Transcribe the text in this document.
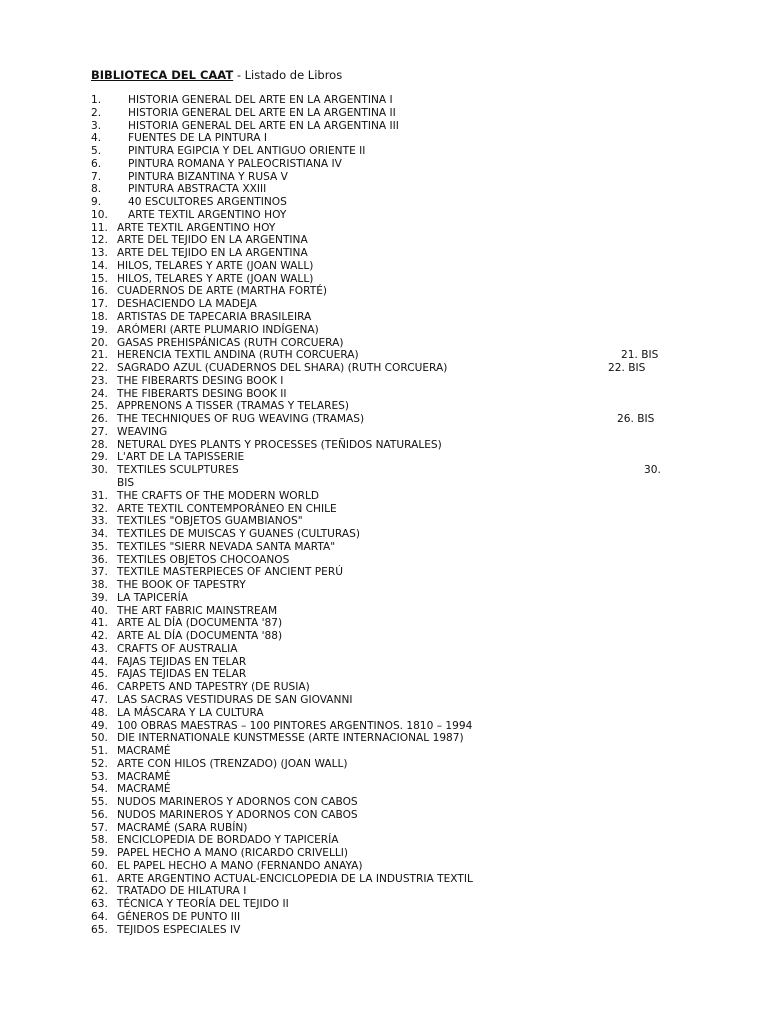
BIBLIOTECA DEL CAAT - Listado de Libros
1.	HISTORIA GENERAL DEL ARTE EN LA ARGENTINA I
2.	HISTORIA GENERAL DEL ARTE EN LA ARGENTINA II
3.	HISTORIA GENERAL DEL ARTE EN LA ARGENTINA III
4.	FUENTES DE LA PINTURA I
5.	PINTURA EGIPCIA Y DEL ANTIGUO ORIENTE II
6.	PINTURA ROMANA Y PALEOCRISTIANA IV
7.	PINTURA BIZANTINA Y RUSA V
8.	PINTURA ABSTRACTA XXIII
9.	40 ESCULTORES ARGENTINOS
10. ARTE TEXTIL ARGENTINO HOY
11. ARTE TEXTIL ARGENTINO HOY
12. ARTE DEL TEJIDO EN LA ARGENTINA
13. ARTE DEL TEJIDO EN LA ARGENTINA
14. HILOS, TELARES Y ARTE (JOAN WALL)
15. HILOS, TELARES Y ARTE (JOAN WALL)
16. CUADERNOS DE ARTE (MARTHA FORTÉ)
17. DESHACIENDO LA MADEJA
18. ARTISTAS DE TAPECARIA BRASILEIRA
19. ARÓMERI (ARTE PLUMARIO INDÍGENA)
20. GASAS PREHISPÁNICAS (RUTH CORCUERA)
21. HERENCIA TEXTIL ANDINA (RUTH CORCUERA)	21. BIS
22. SAGRADO AZUL (CUADERNOS DEL SHARA) (RUTH CORCUERA)	22. BIS
23. THE FIBERARTS DESING BOOK I
24. THE FIBERARTS DESING BOOK II
25. APPRENONS A TISSER (TRAMAS Y TELARES)
26. THE TECHNIQUES OF RUG WEAVING (TRAMAS)	26. BIS
27. WEAVING
28. NETURAL DYES PLANTS Y PROCESSES (TEÑIDOS NATURALES)
29. L'ART DE LA TAPISSERIE
30. TEXTILES SCULPTURES	30.
BIS
31. THE CRAFTS OF THE MODERN WORLD
32. ARTE TEXTIL CONTEMPORÁNEO EN CHILE
33. TEXTILES "OBJETOS GUAMBIANOS"
34. TEXTILES DE MUISCAS Y GUANES (CULTURAS)
35. TEXTILES "SIERR NEVADA SANTA MARTA"
36. TEXTILES OBJETOS CHOCOANOS
37. TEXTILE MASTERPIECES OF ANCIENT PERÚ
38. THE BOOK OF TAPESTRY
39. LA TAPICERÍA
40. THE ART FABRIC MAINSTREAM
41. ARTE AL DÍA (DOCUMENTA '87)
42. ARTE AL DÍA (DOCUMENTA '88)
43. CRAFTS OF AUSTRALIA
44. FAJAS TEJIDAS EN TELAR
45. FAJAS TEJIDAS EN TELAR
46. CARPETS AND TAPESTRY (DE RUSIA)
47. LAS SACRAS VESTIDURAS DE SAN GIOVANNI
48. LA MÁSCARA Y LA CULTURA
49. 100 OBRAS MAESTRAS – 100 PINTORES ARGENTINOS. 1810 – 1994
50. DIE INTERNATIONALE KUNSTMESSE (ARTE INTERNACIONAL 1987)
51. MACRAMÉ
52. ARTE CON HILOS (TRENZADO) (JOAN WALL)
53. MACRAMÉ
54. MACRAMÉ
55. NUDOS MARINEROS Y ADORNOS CON CABOS
56. NUDOS MARINEROS Y ADORNOS CON CABOS
57. MACRAMÉ (SARA RUBÍN)
58. ENCICLOPEDIA DE BORDADO Y TAPICERÍA
59. PAPEL HECHO A MANO (RICARDO CRIVELLI)
60. EL PAPEL HECHO A MANO (FERNANDO ANAYA)
61. ARTE ARGENTINO ACTUAL-ENCICLOPEDIA DE LA INDUSTRIA TEXTIL
62. TRATADO DE HILATURA I
63. TÉCNICA Y TEORÍA DEL TEJIDO II
64. GÉNEROS DE PUNTO III
65. TEJIDOS ESPECIALES IV
